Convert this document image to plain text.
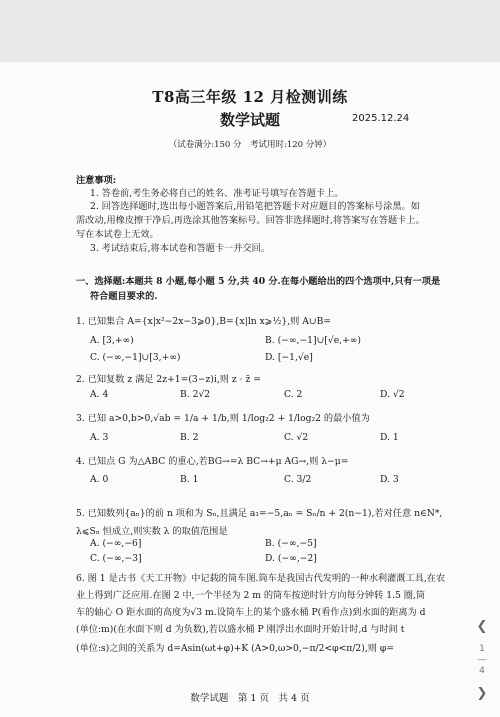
T8高三年级 12 月检测训练
数学试题	2025.12.24
（试卷满分:150 分　考试用时:120 分钟）
注意事项:
1. 答卷前,考生务必将自己的姓名、准考证号填写在答题卡上。
2. 回答选择题时,选出每小题答案后,用铅笔把答题卡对应题目的答案标号涂黑。如
需改动,用橡皮擦干净后,再选涂其他答案标号。回答非选择题时,将答案写在答题卡上。
写在本试卷上无效。
3. 考试结束后,将本试卷和答题卡一并交回。
一、选择题:本题共 8 小题,每小题 5 分,共 40 分.在每小题给出的四个选项中,只有一项是
符合题目要求的.
1. 已知集合 A={x|x²−2x−3⩾0},B={x|ln x⩾½},则 A∪B=
A. [3,+∞)	B. (−∞,−1]∪[√e,+∞)
C. (−∞,−1]∪[3,+∞)	D. [−1,√e]
2. 已知复数 z 满足 2z+1=(3−z)i,则 z · z̄ =
A. 4	B. 2√2	C. 2	D. √2
3. 已知 a>0,b>0,√ab = 1/a + 1/b,则 1/log₂2 + 1/log₂2 的最小值为
A. 3	B. 2	C. √2	D. 1
4. 已知点 G 为△ABC 的重心,若BG→=λ BC→+μ AG→,则 λ−μ=
A. 0	B. 1	C. 3/2	D. 3
5. 已知数列{aₙ}的前 n 项和为 Sₙ,且满足 a₁=−5,aₙ = Sₙ/n + 2(n−1),若对任意 n∈N*,
λ⩽Sₙ 恒成立,则实数 λ 的取值范围是
A. (−∞,−6]	B. (−∞,−5]
C. (−∞,−3]	D. (−∞,−2]
6. 图 1 是古书《天工开物》中记载的筒车图.筒车是我国古代发明的一种水利灌溉工具,在农
业上得到广泛应用.在图 2 中,一个半径为 2 m 的筒车按逆时针方向每分钟转 1.5 圈,筒
车的轴心 O 距水面的高度为√3 m.设筒车上的某个盛水桶 P(看作点)到水面的距离为 d
(单位:m)(在水面下则 d 为负数),若以盛水桶 P 刚浮出水面时开始计时,d 与时间 t
(单位:s)之间的关系为 d=Asin(ωt+φ)+K (A>0,ω>0,−π/2<φ<π/2),则 φ=
数学试题　第 1 页　共 4 页
❮
1
—
4
❯
